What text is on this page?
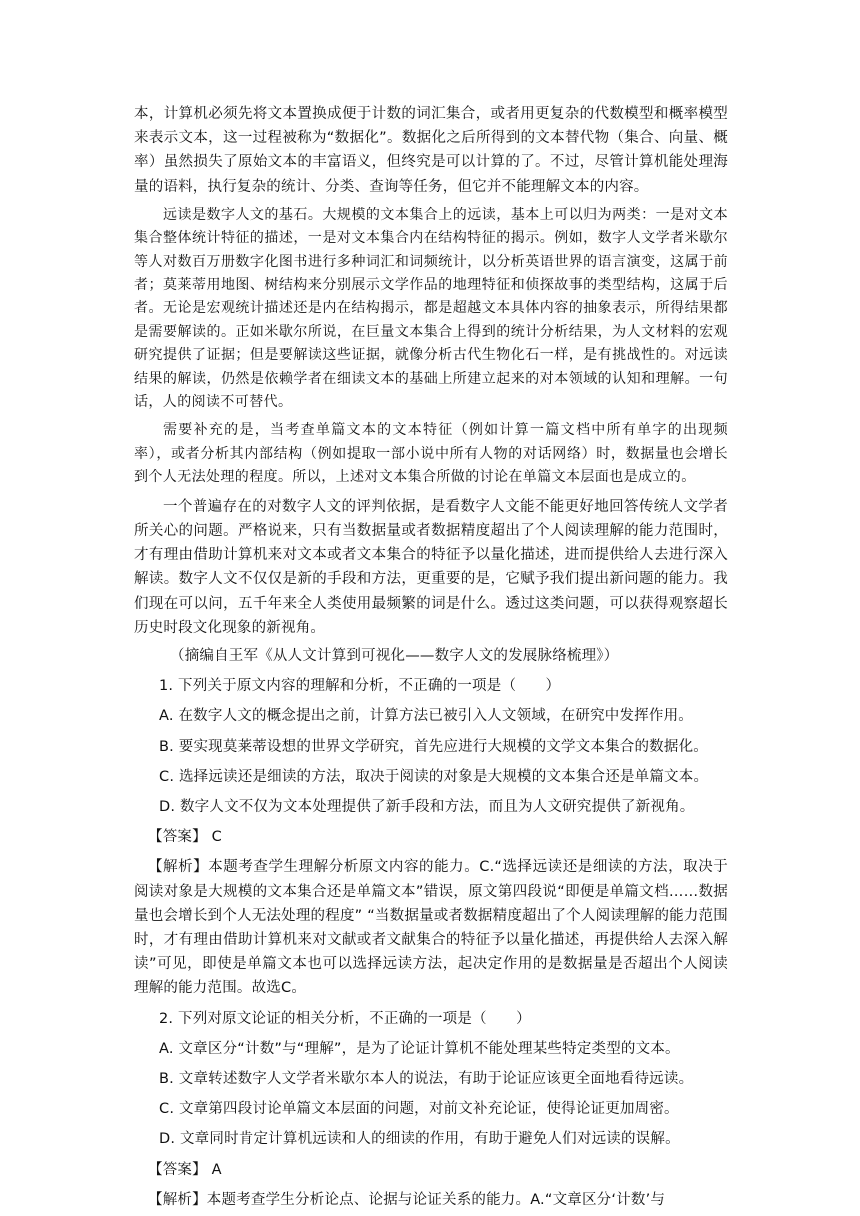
本，计算机必须先将文本置换成便于计数的词汇集合，或者用更复杂的代数模型和概率模型来表示文本，这一过程被称为“数据化”。数据化之后所得到的文本替代物（集合、向量、概率）虽然损失了原始文本的丰富语义，但终究是可以计算的了。不过，尽管计算机能处理海量的语料，执行复杂的统计、分类、查询等任务，但它并不能理解文本的内容。

远读是数字人文的基石。大规模的文本集合上的远读，基本上可以归为两类：一是对文本集合整体统计特征的描述，一是对文本集合内在结构特征的揭示。例如，数字人文学者米歇尔等人对数百万册数字化图书进行多种词汇和词频统计，以分析英语世界的语言演变，这属于前者；莫莱蒂用地图、树结构来分别展示文学作品的地理特征和侦探故事的类型结构，这属于后者。无论是宏观统计描述还是内在结构揭示，都是超越文本具体内容的抽象表示，所得结果都是需要解读的。正如米歇尔所说，在巨量文本集合上得到的统计分析结果，为人文材料的宏观研究提供了证据；但是要解读这些证据，就像分析古代生物化石一样，是有挑战性的。对远读结果的解读，仍然是依赖学者在细读文本的基础上所建立起来的对本领域的认知和理解。一句话，人的阅读不可替代。

需要补充的是，当考查单篇文本的文本特征（例如计算一篇文档中所有单字的出现频率），或者分析其内部结构（例如提取一部小说中所有人物的对话网络）时，数据量也会增长到个人无法处理的程度。所以，上述对文本集合所做的讨论在单篇文本层面也是成立的。

一个普遍存在的对数字人文的评判依据，是看数字人文能不能更好地回答传统人文学者所关心的问题。严格说来，只有当数据量或者数据精度超出了个人阅读理解的能力范围时，才有理由借助计算机来对文本或者文本集合的特征予以量化描述，进而提供给人去进行深入解读。数字人文不仅仅是新的手段和方法，更重要的是，它赋予我们提出新问题的能力。我们现在可以问，五千年来全人类使用最频繁的词是什么。透过这类问题，可以获得观察超长历史时段文化现象的新视角。

（摘编自王军《从人文计算到可视化——数字人文的发展脉络梳理》）

1. 下列关于原文内容的理解和分析，不正确的一项是（　　）

A. 在数字人文的概念提出之前，计算方法已被引入人文领域，在研究中发挥作用。

B. 要实现莫莱蒂设想的世界文学研究，首先应进行大规模的文学文本集合的数据化。

C. 选择远读还是细读的方法，取决于阅读的对象是大规模的文本集合还是单篇文本。

D. 数字人文不仅为文本处理提供了新手段和方法，而且为人文研究提供了新视角。

【答案】 C

【解析】本题考查学生理解分析原文内容的能力。C.“选择远读还是细读的方法，取决于阅读对象是大规模的文本集合还是单篇文本”错误，原文第四段说“即便是单篇文档……数据量也会增长到个人无法处理的程度” “当数据量或者数据精度超出了个人阅读理解的能力范围时，才有理由借助计算机来对文献或者文献集合的特征予以量化描述，再提供给人去深入解读”可见，即使是单篇文本也可以选择远读方法，起决定作用的是数据量是否超出个人阅读理解的能力范围。故选C。

2. 下列对原文论证的相关分析，不正确的一项是（　　）

A. 文章区分“计数”与“理解”，是为了论证计算机不能处理某些特定类型的文本。

B. 文章转述数字人文学者米歇尔本人的说法，有助于论证应该更全面地看待远读。

C. 文章第四段讨论单篇文本层面的问题，对前文补充论证，使得论证更加周密。

D. 文章同时肯定计算机远读和人的细读的作用，有助于避免人们对远读的误解。

【答案】 A

【解析】本题考查学生分析论点、论据与论证关系的能力。A.“文章区分‘计数’与
